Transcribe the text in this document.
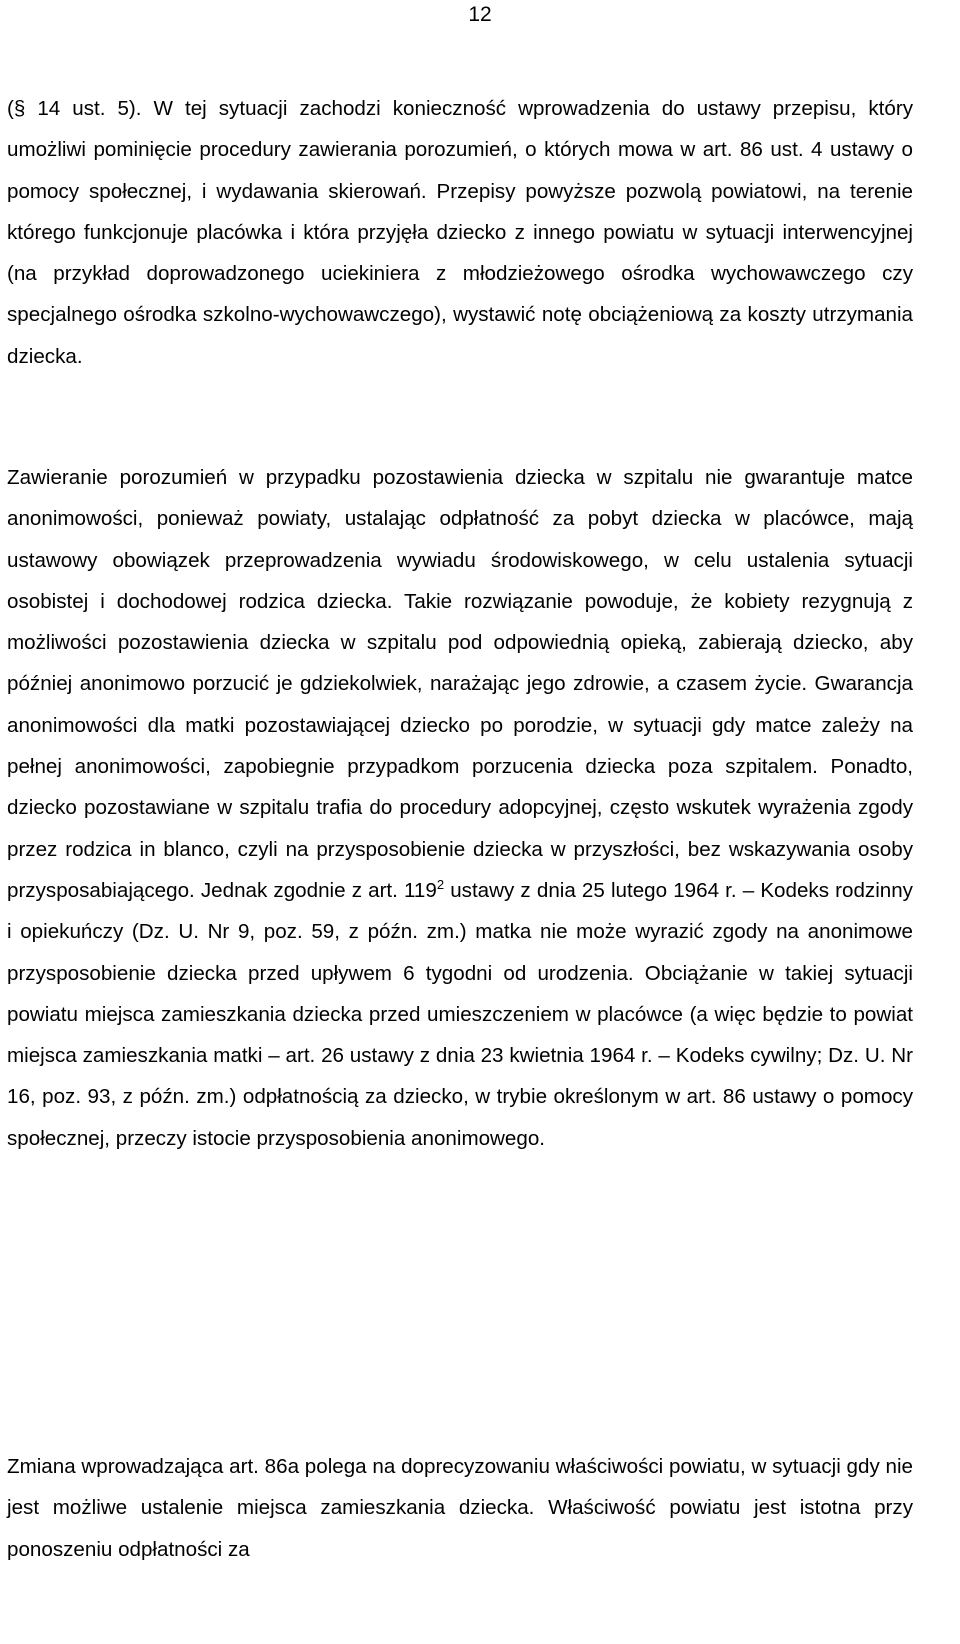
12

(§ 14 ust. 5). W tej sytuacji zachodzi konieczność wprowadzenia do ustawy przepisu, który umożliwi pominięcie procedury zawierania porozumień, o których mowa w art. 86 ust. 4 ustawy o pomocy społecznej, i wydawania skierowań. Przepisy powyższe pozwolą powiatowi, na terenie którego funkcjonuje placówka i która przyjęła dziecko z innego powiatu w sytuacji interwencyjnej (na przykład doprowadzonego uciekiniera z młodzieżowego ośrodka wychowawczego czy specjalnego ośrodka szkolno-wychowawczego), wystawić notę obciążeniową za koszty utrzymania dziecka.

Zawieranie porozumień w przypadku pozostawienia dziecka w szpitalu nie gwarantuje matce anonimowości, ponieważ powiaty, ustalając odpłatność za pobyt dziecka w placówce, mają ustawowy obowiązek przeprowadzenia wywiadu środowiskowego, w celu ustalenia sytuacji osobistej i dochodowej rodzica dziecka. Takie rozwiązanie powoduje, że kobiety rezygnują z możliwości pozostawienia dziecka w szpitalu pod odpowiednią opieką, zabierają dziecko, aby później anonimowo porzucić je gdziekolwiek, narażając jego zdrowie, a czasem życie. Gwarancja anonimowości dla matki pozostawiającej dziecko po porodzie, w sytuacji gdy matce zależy na pełnej anonimowości, zapobiegnie przypadkom porzucenia dziecka poza szpitalem. Ponadto, dziecko pozostawiane w szpitalu trafia do procedury adopcyjnej, często wskutek wyrażenia zgody przez rodzica in blanco, czyli na przysposobienie dziecka w przyszłości, bez wskazywania osoby przysposabiającego. Jednak zgodnie z art. $119^2$ ustawy z dnia 25 lutego 1964 r. – Kodeks rodzinny i opiekuńczy (Dz. U. Nr 9, poz. 59, z późn. zm.) matka nie może wyrazić zgody na anonimowe przysposobienie dziecka przed upływem 6 tygodni od urodzenia. Obciążanie w takiej sytuacji powiatu miejsca zamieszkania dziecka przed umieszczeniem w placówce (a więc będzie to powiat miejsca zamieszkania matki – art. 26 ustawy z dnia 23 kwietnia 1964 r. – Kodeks cywilny; Dz. U. Nr 16, poz. 93, z późn. zm.) odpłatnością za dziecko, w trybie określonym w art. 86 ustawy o pomocy społecznej, przeczy istocie przysposobienia anonimowego.

Zmiana wprowadzająca art. 86a polega na doprecyzowaniu właściwości powiatu, w sytuacji gdy nie jest możliwe ustalenie miejsca zamieszkania dziecka. Właściwość powiatu jest istotna przy ponoszeniu odpłatności za
